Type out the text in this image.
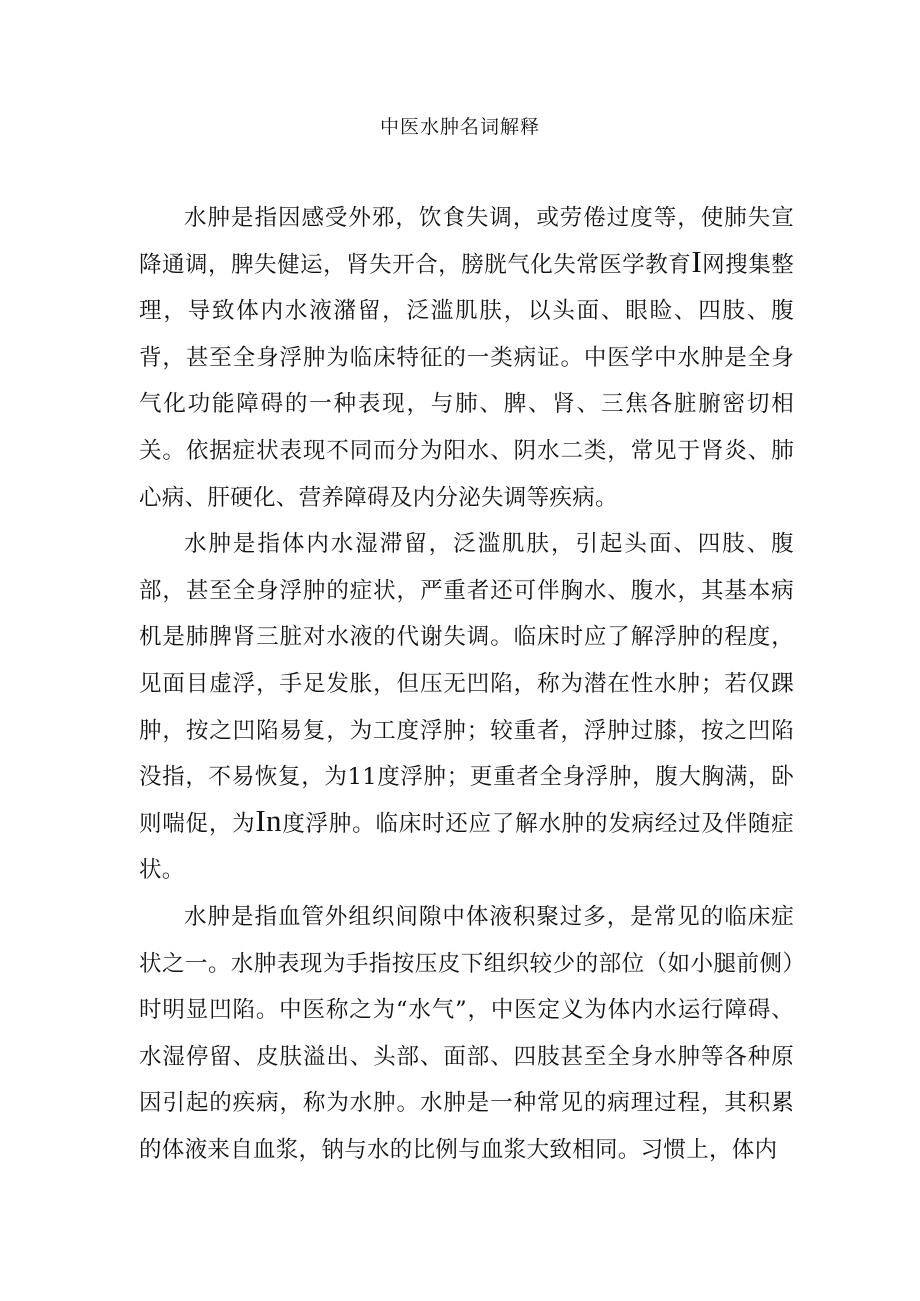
中医水肿名词解释

水肿是指因感受外邪，饮食失调，或劳倦过度等，使肺失宣降通调，脾失健运，肾失开合，膀胱气化失常医学教育I网搜集整理，导致体内水液潴留，泛滥肌肤，以头面、眼睑、四肢、腹背，甚至全身浮肿为临床特征的一类病证。中医学中水肿是全身气化功能障碍的一种表现，与肺、脾、肾、三焦各脏腑密切相关。依据症状表现不同而分为阳水、阴水二类，常见于肾炎、肺心病、肝硬化、营养障碍及内分泌失调等疾病。

水肿是指体内水湿滞留，泛滥肌肤，引起头面、四肢、腹部，甚至全身浮肿的症状，严重者还可伴胸水、腹水，其基本病机是肺脾肾三脏对水液的代谢失调。临床时应了解浮肿的程度，见面目虚浮，手足发胀，但压无凹陷，称为潜在性水肿；若仅踝肿，按之凹陷易复，为工度浮肿；较重者，浮肿过膝，按之凹陷没指，不易恢复，为11度浮肿；更重者全身浮肿，腹大胸满，卧则喘促，为In度浮肿。临床时还应了解水肿的发病经过及伴随症状。

水肿是指血管外组织间隙中体液积聚过多，是常见的临床症状之一。水肿表现为手指按压皮下组织较少的部位（如小腿前侧）时明显凹陷。中医称之为“水气”，中医定义为体内水运行障碍、水湿停留、皮肤溢出、头部、面部、四肢甚至全身水肿等各种原因引起的疾病，称为水肿。水肿是一种常见的病理过程，其积累的体液来自血浆，钠与水的比例与血浆大致相同。习惯上，体内
